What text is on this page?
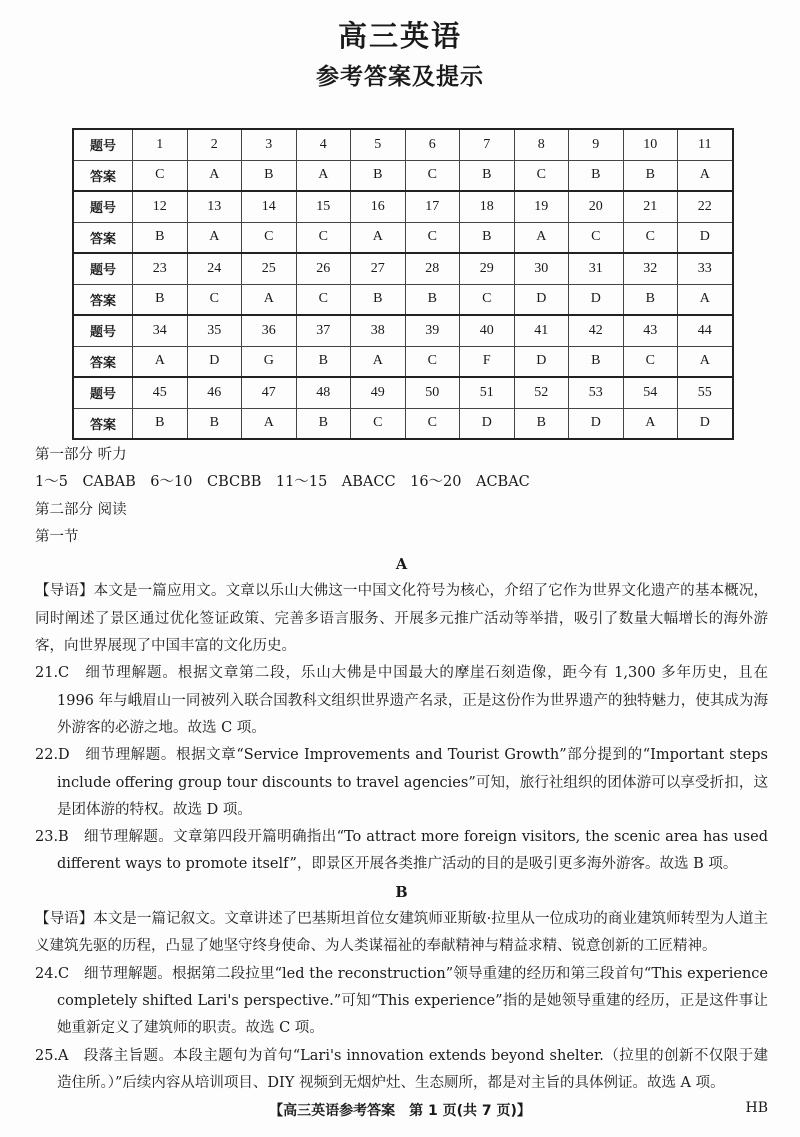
高三英语
参考答案及提示
题号	1	2	3	4	5	6	7	8	9	10	11
答案	C	A	B	A	B	C	B	C	B	B	A
题号	12	13	14	15	16	17	18	19	20	21	22
答案	B	A	C	C	A	C	B	A	C	C	D
题号	23	24	25	26	27	28	29	30	31	32	33
答案	B	C	A	C	B	B	C	D	D	B	A
题号	34	35	36	37	38	39	40	41	42	43	44
答案	A	D	G	B	A	C	F	D	B	C	A
题号	45	46	47	48	49	50	51	52	53	54	55
答案	B	B	A	B	C	C	D	B	D	A	D

第一部分 听力

1～5　CABAB　6～10　CBCBB　11～15　ABACC　16～20　ACBAC

第二部分 阅读

第一节

A

【导语】本文是一篇应用文。文章以乐山大佛这一中国文化符号为核心，介绍了它作为世界文化遗产的基本概况，同时阐述了景区通过优化签证政策、完善多语言服务、开展多元推广活动等举措，吸引了数量大幅增长的海外游客，向世界展现了中国丰富的文化历史。

21.C　细节理解题。根据文章第二段，乐山大佛是中国最大的摩崖石刻造像，距今有 1,300 多年历史，且在 1996 年与峨眉山一同被列入联合国教科文组织世界遗产名录，正是这份作为世界遗产的独特魅力，使其成为海外游客的必游之地。故选 C 项。

22.D　细节理解题。根据文章“Service Improvements and Tourist Growth”部分提到的“Important steps include offering group tour discounts to travel agencies”可知，旅行社组织的团体游可以享受折扣，这是团体游的特权。故选 D 项。

23.B　细节理解题。文章第四段开篇明确指出“To attract more foreign visitors, the scenic area has used different ways to promote itself”，即景区开展各类推广活动的目的是吸引更多海外游客。故选 B 项。

B

【导语】本文是一篇记叙文。文章讲述了巴基斯坦首位女建筑师亚斯敏·拉里从一位成功的商业建筑师转型为人道主义建筑先驱的历程，凸显了她坚守终身使命、为人类谋福祉的奉献精神与精益求精、锐意创新的工匠精神。

24.C　细节理解题。根据第二段拉里“led the reconstruction”领导重建的经历和第三段首句“This experience completely shifted Lari's perspective.”可知“This experience”指的是她领导重建的经历，正是这件事让她重新定义了建筑师的职责。故选 C 项。

25.A　段落主旨题。本段主题句为首句“Lari's innovation extends beyond shelter.（拉里的创新不仅限于建造住所。）”后续内容从培训项目、DIY 视频到无烟炉灶、生态厕所，都是对主旨的具体例证。故选 A 项。

【高三英语参考答案　第 1 页(共 7 页)】	HB
